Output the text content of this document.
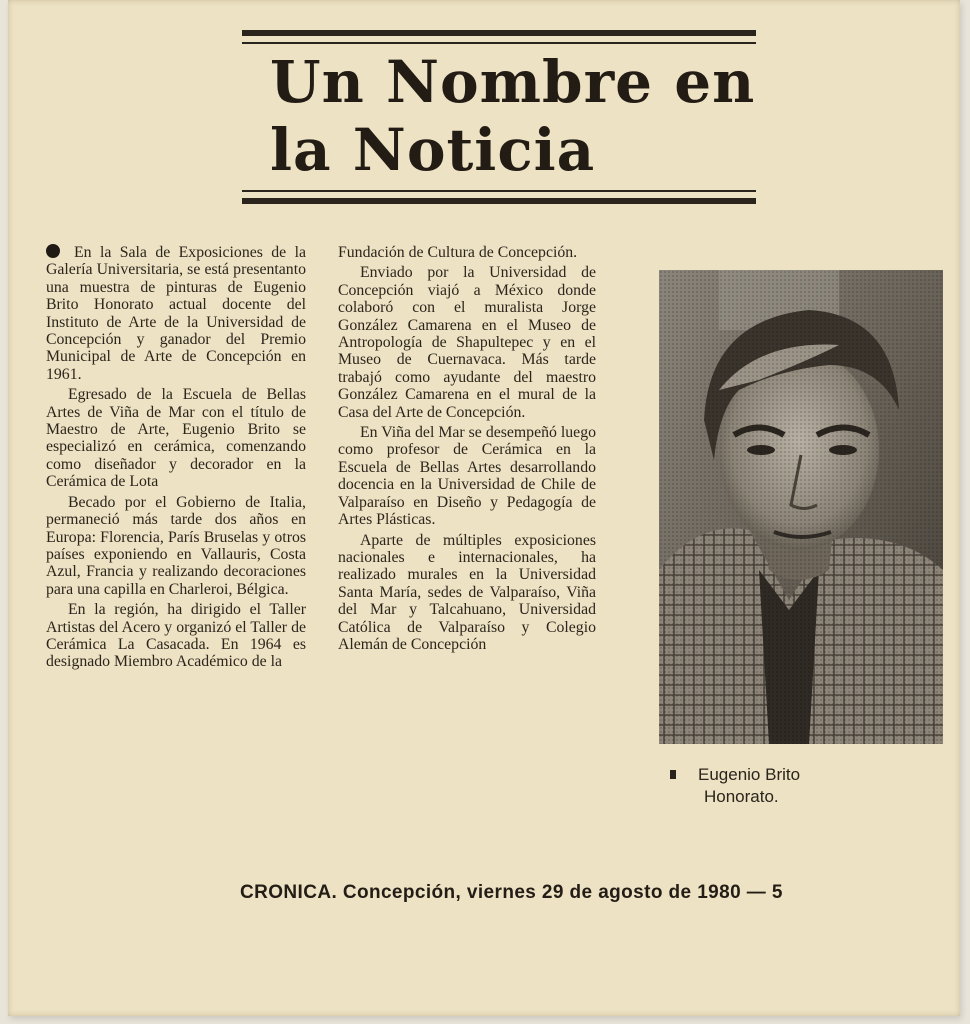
Un Nombre en
la Noticia

En la Sala de Exposiciones de la Galería Universitaria, se está presentanto una muestra de pinturas de Eugenio Brito Honorato actual docente del Instituto de Arte de la Universidad de Concepción y ganador del Premio Municipal de Arte de Concepción en 1961.

Egresado de la Escuela de Bellas Artes de Viña de Mar con el título de Maestro de Arte, Eugenio Brito se especializó en cerámica, comenzando como diseñador y decorador en la Cerámica de Lota

Becado por el Gobierno de Italia, permaneció más tarde dos años en Europa: Florencia, París Bruselas y otros países exponiendo en Vallauris, Costa Azul, Francia y realizando decoraciones para una capilla en Charleroi, Bélgica.

En la región, ha dirigido el Taller Artistas del Acero y organizó el Taller de Cerámica La Casacada. En 1964 es designado Miembro Académico de la

Fundación de Cultura de Concepción.

Enviado por la Universidad de Concepción viajó a México donde colaboró con el muralista Jorge González Camarena en el Museo de Antropología de Shapultepec y en el Museo de Cuernavaca. Más tarde trabajó como ayudante del maestro González Camarena en el mural de la Casa del Arte de Concepción.

En Viña del Mar se desempeñó luego como profesor de Cerámica en la Escuela de Bellas Artes desarrollando docencia en la Universidad de Chile de Valparaíso en Diseño y Pedagogía de Artes Plásticas.

Aparte de múltiples exposiciones nacionales e internacionales, ha realizado murales en la Universidad Santa María, sedes de Valparaíso, Viña del Mar y Talcahuano, Universidad Católica de Valparaíso y Colegio Alemán de Concepción

Eugenio Brito
Honorato.
CRONICA. Concepción, viernes 29 de agosto de 1980 — 5
